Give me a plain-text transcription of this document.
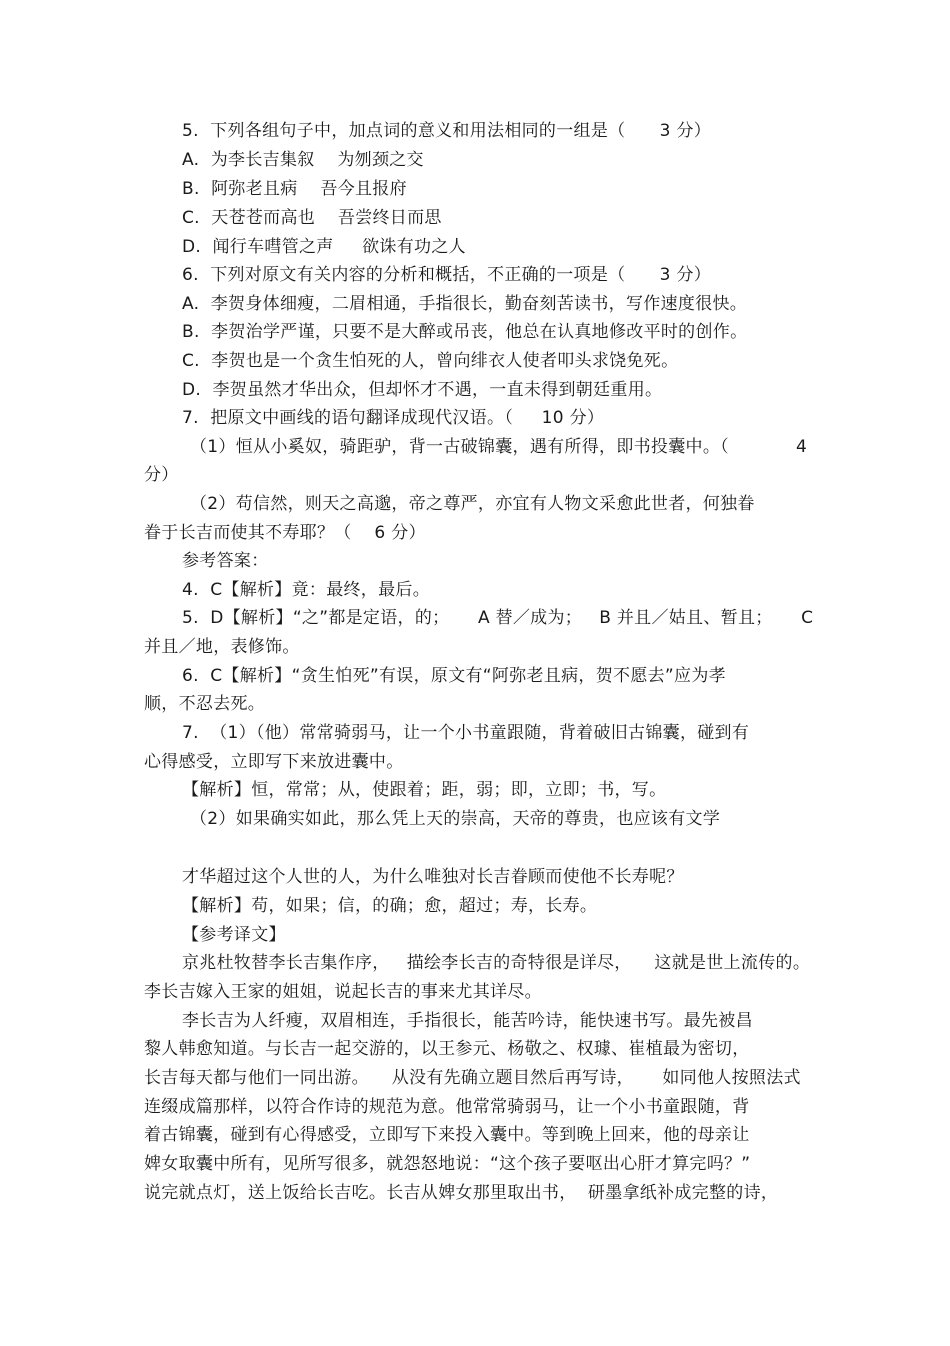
5.  下列各组句子中，加点词的意义和用法相同的一组是（      3 分）
A.  为李长吉集叙    为刎颈之交
B.  阿弥老且病    吾今且报府
C.  天苍苍而高也    吾尝终日而思
D.  闻行车嘒管之声     欲诛有功之人
6.  下列对原文有关内容的分析和概括，不正确的一项是（      3 分）
A.  李贺身体细瘦，二眉相通，手指很长，勤奋刻苦读书，写作速度很快。
B.  李贺治学严谨，只要不是大醉或吊丧，他总在认真地修改平时的创作。
C.  李贺也是一个贪生怕死的人，曾向绯衣人使者叩头求饶免死。
D.  李贺虽然才华出众，但却怀才不遇，一直未得到朝廷重用。
7.  把原文中画线的语句翻译成现代汉语。（     10 分）
（1）恒从小奚奴，骑距驴，背一古破锦囊，遇有所得，即书投囊中。（	4
分）
（2）苟信然，则天之高邈，帝之尊严，亦宜有人物文采愈此世者，何独眷
眷于长吉而使其不寿耶？（    6 分）
参考答案：
4.  C【解析】竟：最终，最后。
5.  D【解析】“之”都是定语，的；     A 替／成为；   B 并且／姑且、暂且；     C
并且／地，表修饰。
6.  C【解析】“贪生怕死”有误，原文有“阿弥老且病，贺不愿去”应为孝
顺，不忍去死。
7.  （1）（他）常常骑弱马，让一个小书童跟随，背着破旧古锦囊，碰到有
心得感受，立即写下来放进囊中。
【解析】恒，常常；从，使跟着；距，弱；即，立即；书，写。
（2）如果确实如此，那么凭上天的崇高，天帝的尊贵，也应该有文学
才华超过这个人世的人，为什么唯独对长吉眷顾而使他不长寿呢？
【解析】苟，如果；信，的确；愈，超过；寿，长寿。
【参考译文】
京兆杜牧替李长吉集作序，   描绘李长吉的奇特很是详尽，    这就是世上流传的。
李长吉嫁入王家的姐姐，说起长吉的事来尤其详尽。
李长吉为人纤瘦，双眉相连，手指很长，能苦吟诗，能快速书写。最先被昌
黎人韩愈知道。与长吉一起交游的，以王参元、杨敬之、权璩、崔植最为密切，
长吉每天都与他们一同出游。    从没有先确立题目然后再写诗，     如同他人按照法式
连缀成篇那样，以符合作诗的规范为意。他常常骑弱马，让一个小书童跟随，背
着古锦囊，碰到有心得感受，立即写下来投入囊中。等到晚上回来，他的母亲让
婢女取囊中所有，见所写很多，就怨怒地说：“这个孩子要呕出心肝才算完吗？”
说完就点灯，送上饭给长吉吃。长吉从婢女那里取出书，  研墨拿纸补成完整的诗，
